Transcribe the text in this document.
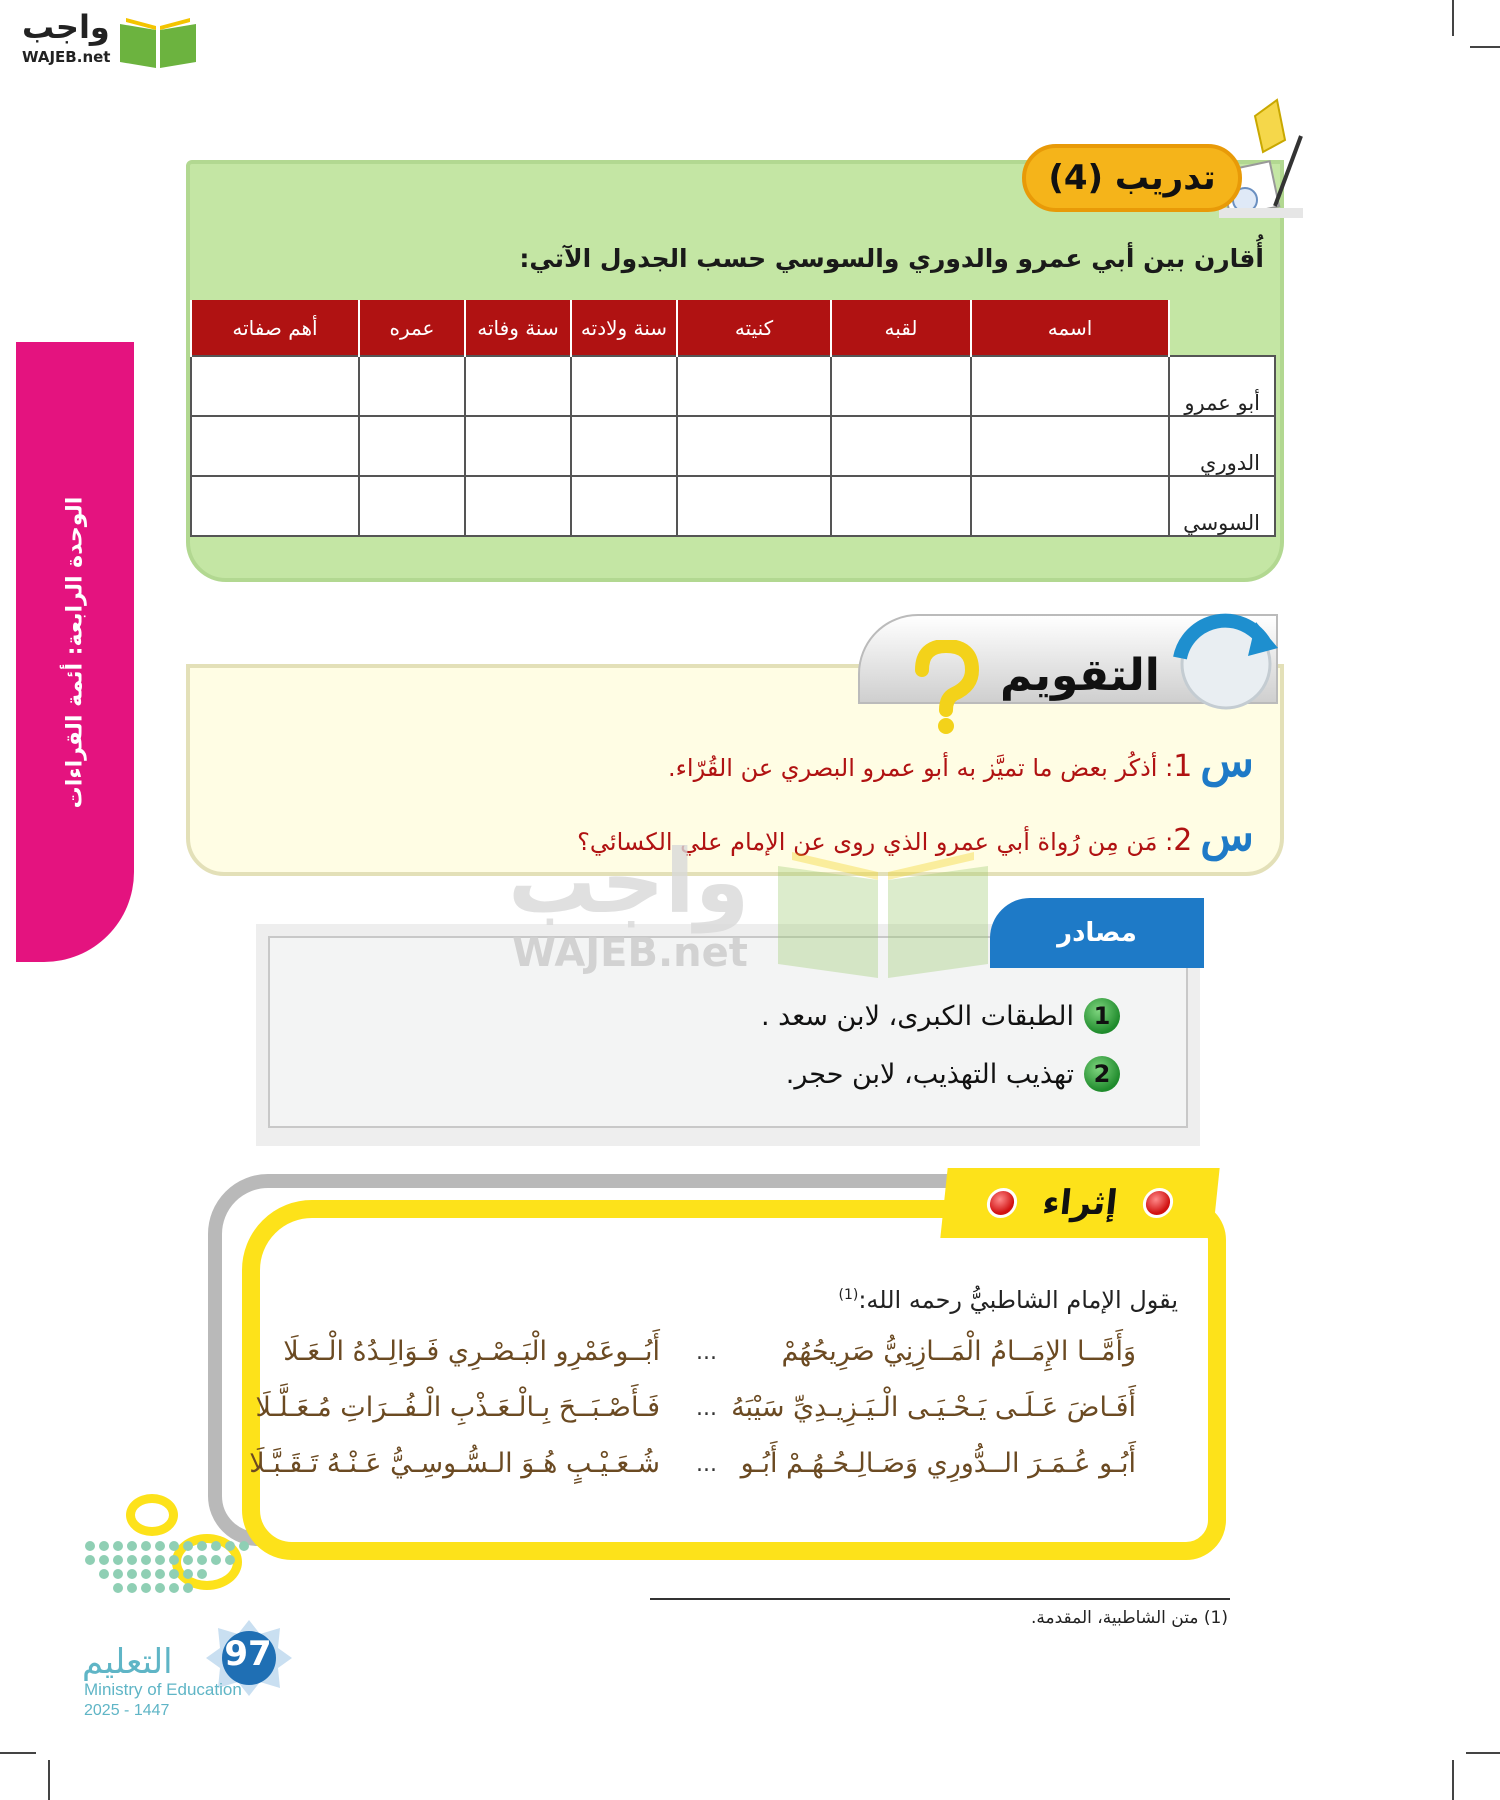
واجب
WAJEB.net
الوحدة الرابعة: أئمة القراءات
تدريب (4)
أُقارن بين أبي عمرو والدوري والسوسي حسب الجدول الآتي:
	اسمه	لقبه	كنيته	سنة ولادته	سنة وفاته	عمره	أهم صفاته
أبو عمرو							
الدوري							
السوسي							
التقويم
س1: أذكُر بعض ما تميَّز به أبو عمرو البصري عن القُرّاء.
س2: مَن مِن رُواة أبي عمرو الذي روى عن الإمام علي الكسائي؟
واجب
WAJEB.net	مصادر
1
الطبقات الكبرى، لابن سعد .
2
تهذيب التهذيب، لابن حجر.
إثراء
يقول الإمام الشاطبيُّ رحمه الله:$^{(1)}$
وَأَمَّــا الإِمَــامُ الْمَــازِنِيُّ صَرِيحُهُمْ
...
أَبُــوعَمْرِو الْبَـصْـرِي فَـوَالِـدُهُ الْـعَـلَا
أَفَـاضَ عَـلَـى يَـحْـيَـى الْـيَـزِيـدِيِّ سَيْبَهُ
...
فَـأَصْـبَــحَ بِـالْـعَـذْبِ الْـفُــرَاتِ مُـعَـلَّـلَا
أَبُـو عُـمَـرَ الــدُّورِي وَصَـالِـحُـهُـمْ أَبُـو
...
شُـعَـيْـبٍ هُـوَ الـسُّـوسِـيُّ عَـنْـهُ تَـقَـبَّـلَا
(1) متن الشاطبية، المقدمة.
97
التعليم
Ministry of Education
2025 - 1447
